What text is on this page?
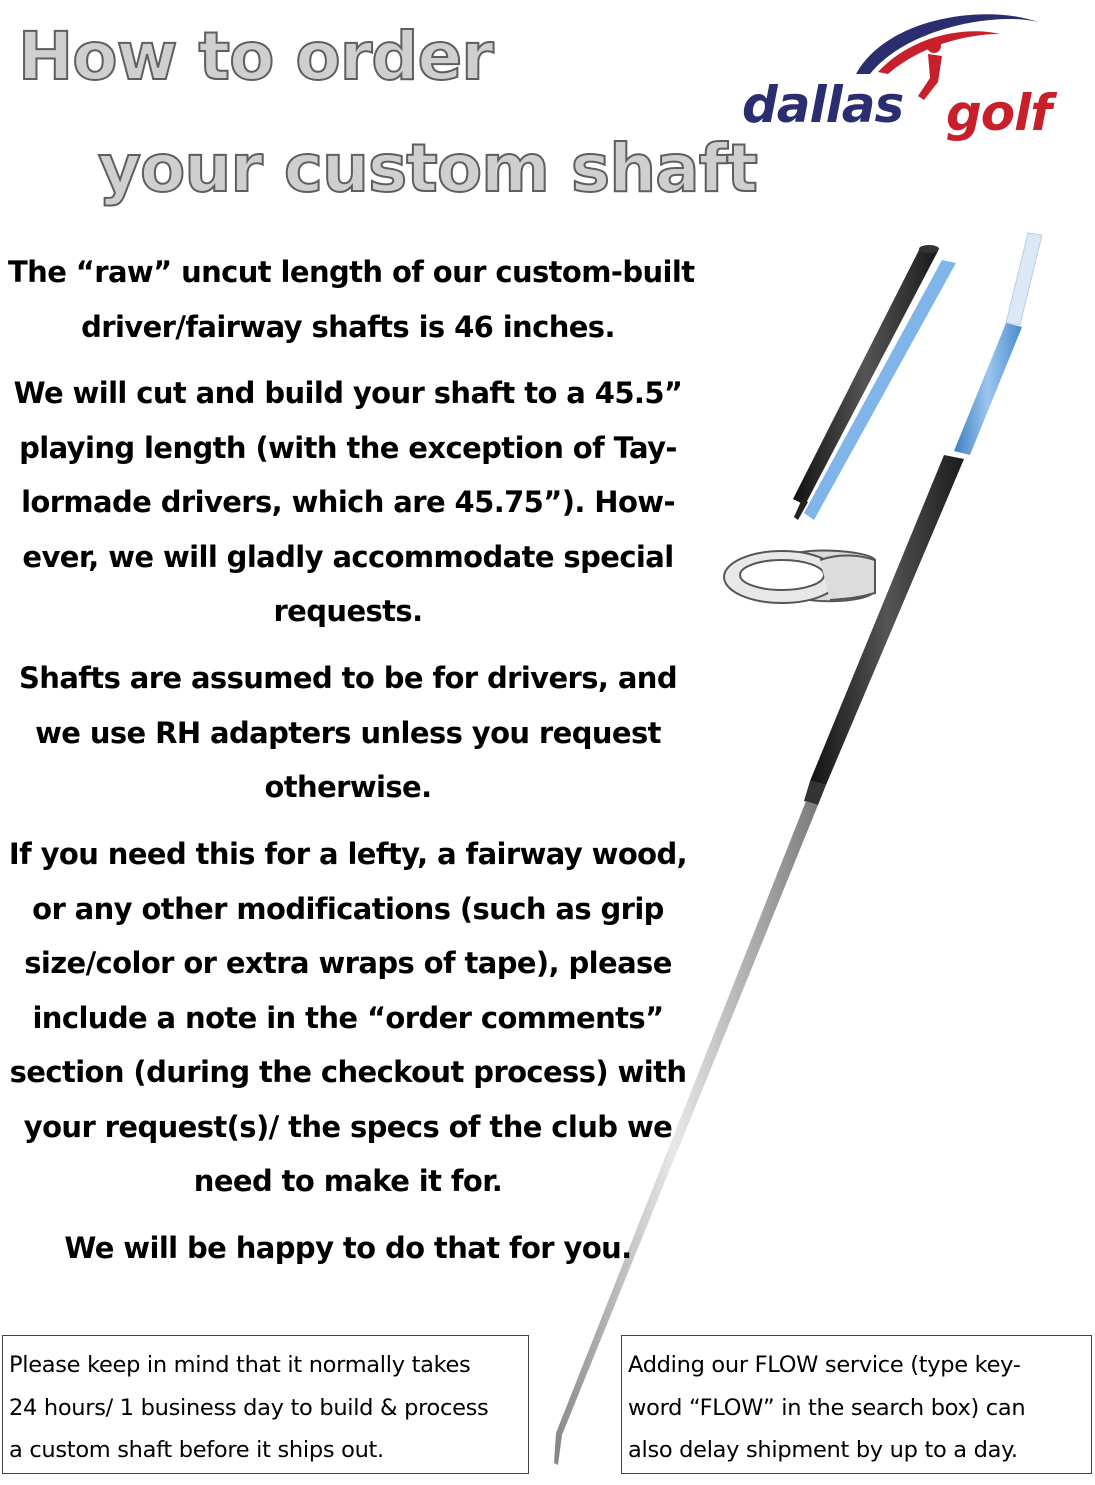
dallas golf
How to order
your custom shaft
The “raw” uncut length of our custom-built
driver/fairway shafts is 46 inches.
We will cut and build your shaft to a 45.5”
playing length (with the exception of Tay-
lormade drivers, which are 45.75”). How-
ever, we will gladly accommodate special
requests.
Shafts are assumed to be for drivers, and
we use RH adapters unless you request
otherwise.
If you need this for a lefty, a fairway wood,
or any other modifications (such as grip
size/color or extra wraps of tape), please
include a note in the “order comments”
section (during the checkout process) with
your request(s)/ the specs of the club we
need to make it for.
We will be happy to do that for you.
Please keep in mind that it normally takes
24 hours/ 1 business day to build & process
a custom shaft before it ships out.
Adding our FLOW service (type key-
word “FLOW” in the search box) can
also delay shipment by up to a day.
